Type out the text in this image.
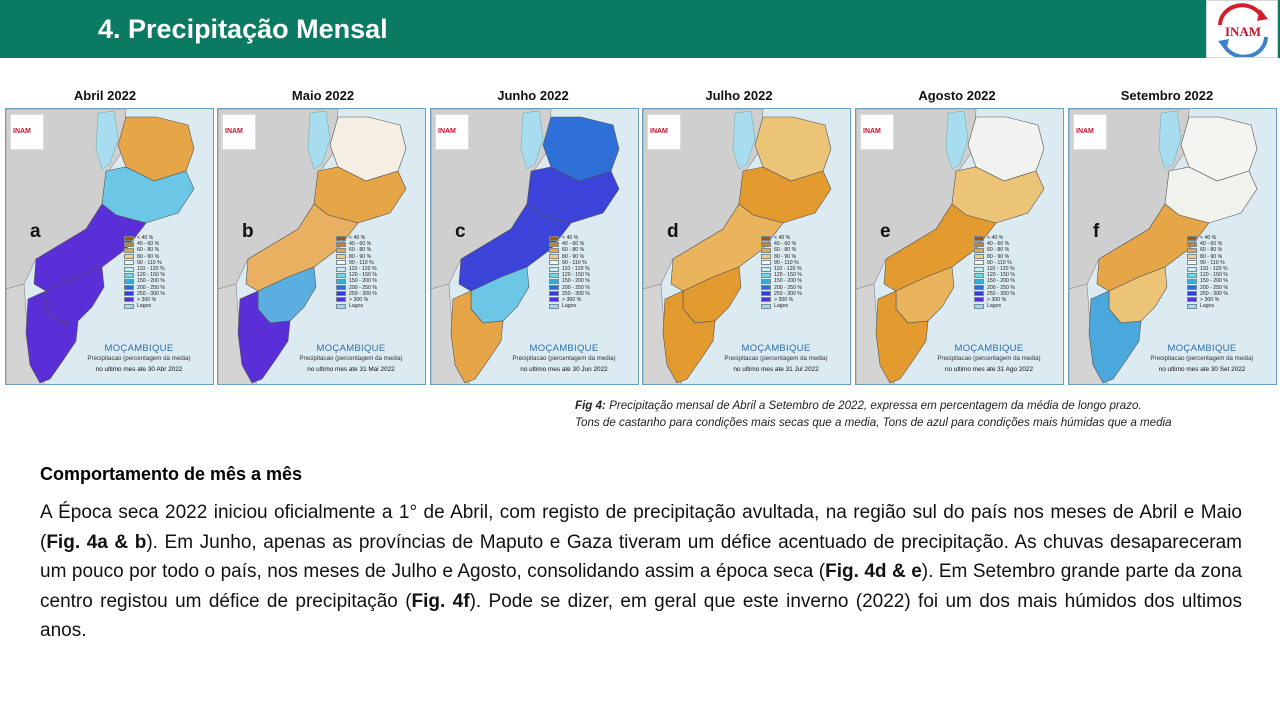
4. Precipitação Mensal	INAM
Abril 2022
INAM
a	< 40 %
40 - 60 %
60 - 80 %
80 - 90 %
90 - 110 %
110 - 120 %
120 - 150 %
150 - 200 %
200 - 250 %
250 - 300 %
> 300 %
Lagos
MOÇAMBIQUE
Precipitacao (percentagem da media)
no ultimo mes ate 30 Abr 2022
Maio 2022
INAM
b	< 40 %
40 - 60 %
60 - 80 %
80 - 90 %
90 - 110 %
110 - 120 %
120 - 150 %
150 - 200 %
200 - 250 %
250 - 300 %
> 300 %
Lagos
MOÇAMBIQUE
Precipitacao (percentagem da media)
no ultimo mes ate 31 Mai 2022
Junho 2022
INAM
c	< 40 %
40 - 60 %
60 - 80 %
80 - 90 %
90 - 110 %
110 - 120 %
120 - 150 %
150 - 200 %
200 - 250 %
250 - 300 %
> 300 %
Lagos
MOÇAMBIQUE
Precipitacao (percentagem da media)
no ultimo mes ate 30 Jun 2022
Julho 2022
INAM
d	< 40 %
40 - 60 %
60 - 80 %
80 - 90 %
90 - 110 %
110 - 120 %
120 - 150 %
150 - 200 %
200 - 250 %
250 - 300 %
> 300 %
Lagos
MOÇAMBIQUE
Precipitacao (percentagem da media)
no ultimo mes ate 31 Jul 2022
Agosto 2022
INAM
e	< 40 %
40 - 60 %
60 - 80 %
80 - 90 %
90 - 110 %
110 - 120 %
120 - 150 %
150 - 200 %
200 - 250 %
250 - 300 %
> 300 %
Lagos
MOÇAMBIQUE
Precipitacao (percentagem da media)
no ultimo mes ate 31 Ago 2022
Setembro 2022
INAM
f	< 40 %
40 - 60 %
60 - 80 %
80 - 90 %
90 - 110 %
110 - 120 %
120 - 150 %
150 - 200 %
200 - 250 %
250 - 300 %
> 300 %
Lagos
MOÇAMBIQUE
Precipitacao (percentagem da media)
no ultimo mes ate 30 Set 2022
Fig 4: Precipitação mensal de Abril a Setembro de 2022, expressa em percentagem da média de longo prazo.
Tons de castanho para condições mais secas que a media, Tons de azul para condições mais húmidas que a media
Comportamento de mês a mês
A Época seca 2022 iniciou oficialmente a 1° de Abril, com registo de precipitação avultada, na região sul do país nos meses de Abril e Maio (Fig. 4a & b). Em Junho, apenas as províncias de Maputo e Gaza tiveram um défice acentuado de precipitação. As chuvas desapareceram um pouco por todo o país, nos meses de Julho e Agosto, consolidando assim a época seca (Fig. 4d & e). Em Setembro grande parte da zona centro registou um défice de precipitação (Fig. 4f). Pode se dizer, em geral que este inverno (2022) foi um dos mais húmidos dos ultimos anos.
